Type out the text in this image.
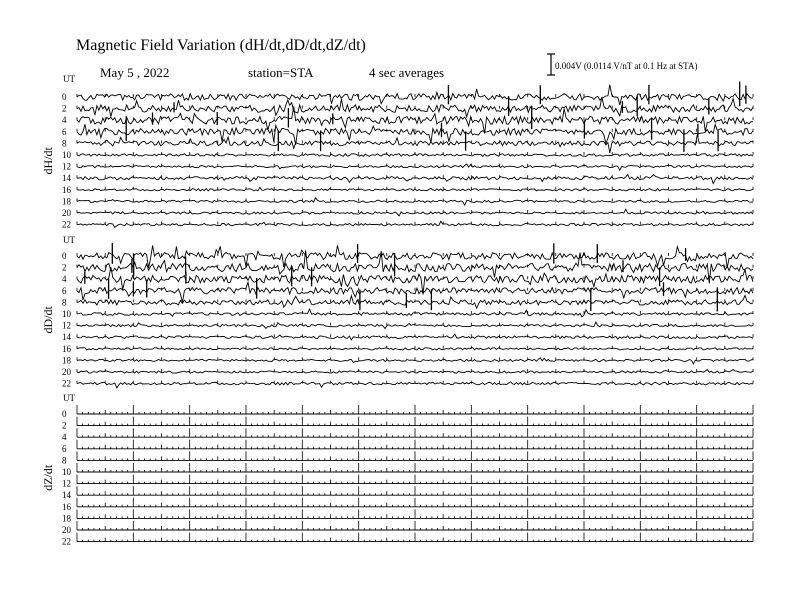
Magnetic Field Variation (dH/dt,dD/dt,dZ/dt)
May 5 , 2022	station=STA	4 sec averages	0.004V (0.0114 V/nT at 0.1 Hz at STA)
UT
dH/dt
0
2
4
6
8
10
12
14
16
18
20
22
UT
dD/dt
0
2
4
6
8
10
12
14
16
18
20
22
UT
dZ/dt
0
2
4
6
8
10
12
14
16
18
20
22
